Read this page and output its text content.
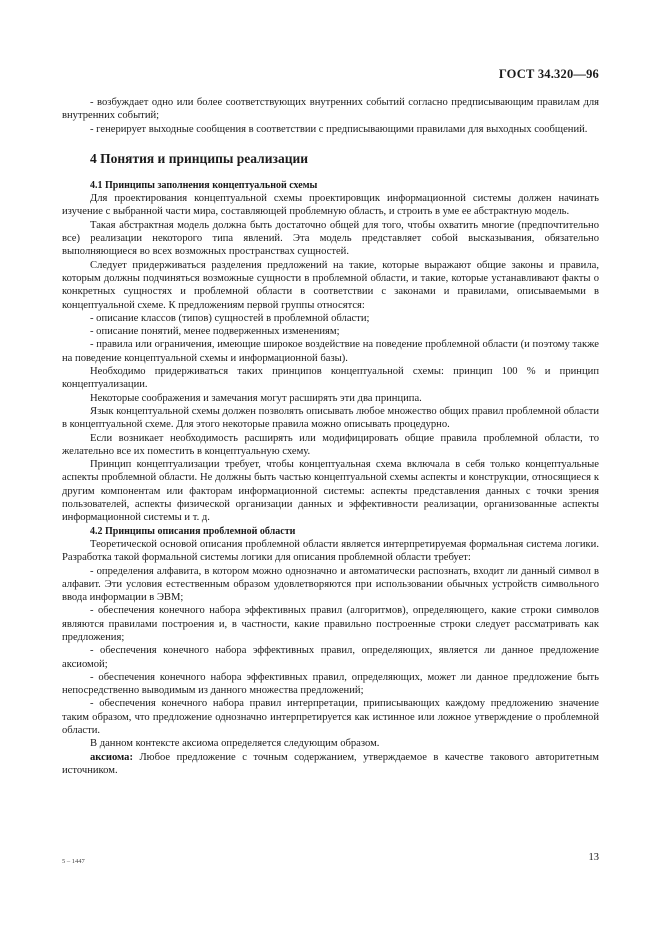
ГОСТ 34.320—96

- возбуждает одно или более соответствующих внутренних событий согласно предписывающим правилам для внутренних событий;

- генерирует выходные сообщения в соответствии с предписывающими правилами для выходных сообщений.

4 Понятия и принципы реализации

4.1 Принципы заполнения концептуальной схемы

Для проектирования концептуальной схемы проектировщик информационной системы должен начинать изучение с выбранной части мира, составляющей проблемную область, и строить в уме ее абстрактную модель.

Такая абстрактная модель должна быть достаточно общей для того, чтобы охватить многие (предпочтительно все) реализации некоторого типа явлений. Эта модель представляет собой высказывания, обязательно выполняющиеся во всех возможных пространствах сущностей.

Следует придерживаться разделения предложений на такие, которые выражают общие законы и правила, которым должны подчиняться возможные сущности в проблемной области, и такие, которые устанавливают факты о конкретных сущностях и проблемной области в соответствии с законами и правилами, описываемыми в концептуальной схеме. К предложениям первой группы относятся:

- описание классов (типов) сущностей в проблемной области;

- описание понятий, менее подверженных изменениям;

- правила или ограничения, имеющие широкое воздействие на поведение проблемной области (и поэтому также на поведение концептуальной схемы и информационной базы).

Необходимо придерживаться таких принципов концептуальной схемы: принцип 100 % и принцип концептуализации.

Некоторые соображения и замечания могут расширять эти два принципа.

Язык концептуальной схемы должен позволять описывать любое множество общих правил проблемной области в концептуальной схеме. Для этого некоторые правила можно описывать процедурно.

Если возникает необходимость расширять или модифицировать общие правила проблемной области, то желательно все их поместить в концептуальную схему.

Принцип концептуализации требует, чтобы концептуальная схема включала в себя только концептуальные аспекты проблемной области. Не должны быть частью концептуальной схемы аспекты и конструкции, относящиеся к другим компонентам или факторам информационной системы: аспекты представления данных с точки зрения пользователей, аспекты физической организации данных и эффективности реализации, организованные аспекты информационной системы и т. д.

4.2 Принципы описания проблемной области

Теоретической основой описания проблемной области является интерпретируемая формальная система логики. Разработка такой формальной системы логики для описания проблемной области требует:

- определения алфавита, в котором можно однозначно и автоматически распознать, входит ли данный символ в алфавит. Эти условия естественным образом удовлетворяются при использовании обычных устройств символьного ввода информации в ЭВМ;

- обеспечения конечного набора эффективных правил (алгоритмов), определяющего, какие строки символов являются правилами построения и, в частности, какие правильно построенные строки следует рассматривать как предложения;

- обеспечения конечного набора эффективных правил, определяющих, является ли данное предложение аксиомой;

- обеспечения конечного набора эффективных правил, определяющих, может ли данное предложение быть непосредственно выводимым из данного множества предложений;

- обеспечения конечного набора правил интерпретации, приписывающих каждому предложению значение таким образом, что предложение однозначно интерпретируется как истинное или ложное утверждение о проблемной области.

В данном контексте аксиома определяется следующим образом.

аксиома: Любое предложение с точным содержанием, утверждаемое в качестве такового авторитетным источником.

5 – 1447	13
